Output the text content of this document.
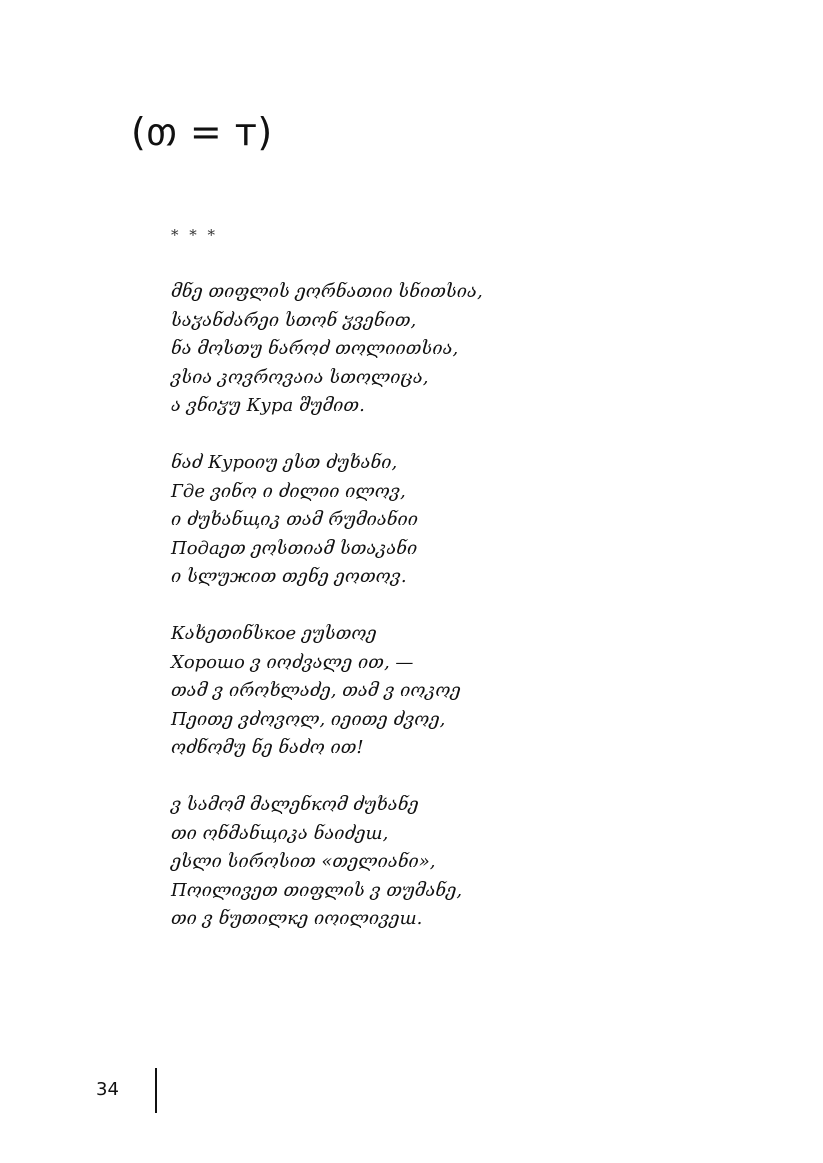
(თ = т)
* * *
მნე თიფლის ეორნათიი სნითსია,
საჳანძარეი სთონ ჳვენით,
ნა მოსთუ ნაროძ თოლიითსია,
ვსია კოვროვაია სთოლიცა,
ა ვნიჳუ Кура შუმით.
ნაძ Куроიუ ესთ ძუხანი,
Где ვინო ი ძილიი ილოვ,
ი ძუხანщიკ თამ რუმიანიი
Подаეთ ეოსთიამ სთაკანი
ი სლუжით თენე ეოთოვ.
Кახეთინსкое ეუსთოე
Хорошо ვ იოძვალე ით, —
თამ ვ იროხლაძე, თამ ვ იოკოე
Пეითე ვძოვოლ, იეითე ძვოე,
ოძნომუ ნე ნაძო ით!
ვ სამომ მალენкომ ძუხანე
თი ონმანщიკა ნაიძეш,
ესლი სიროსით «თელიანი»,
Пოილივეთ თიფლის ვ თუმანე,
თი ვ ნუთილкე იოილივეш.
34
